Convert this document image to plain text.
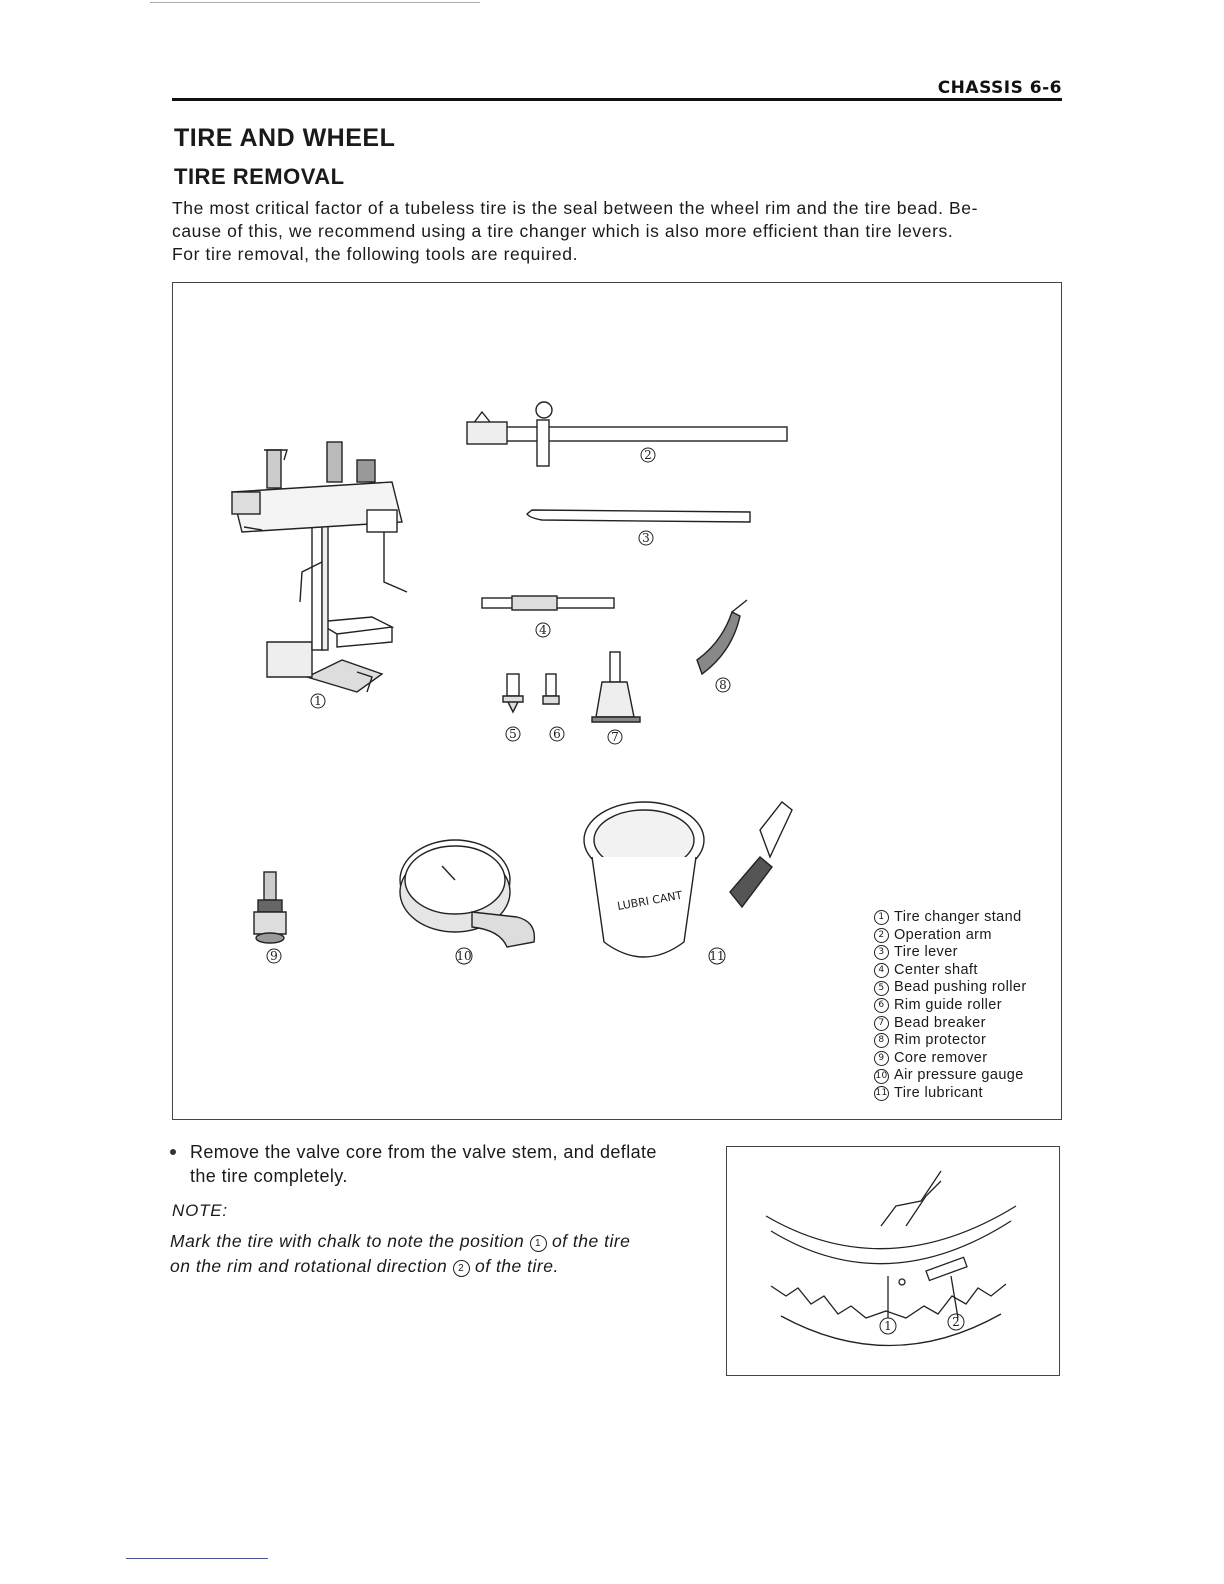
CHASSIS 6-6
TIRE AND WHEEL
TIRE REMOVAL

The most critical factor of a tubeless tire is the seal between the wheel rim and the tire bead. Be-

cause of this, we recommend using a tire changer which is also more efficient than tire levers.

For tire removal, the following tools are required.

LUBRI CANT
1
2
3
4
5	6	7
8
9	10	11
1 Tire changer stand
2 Operation arm
3 Tire lever
4 Center shaft
5 Bead pushing roller
6 Rim guide roller
7 Bead breaker
8 Rim protector
9 Core remover
10 Air pressure gauge
11 Tire lubricant
Remove the valve core from the valve stem, and deflate
the tire completely.
NOTE:
Mark the tire with chalk to note the position 1 of the tire
on the rim and rotational direction 2 of the tire.
1	2
